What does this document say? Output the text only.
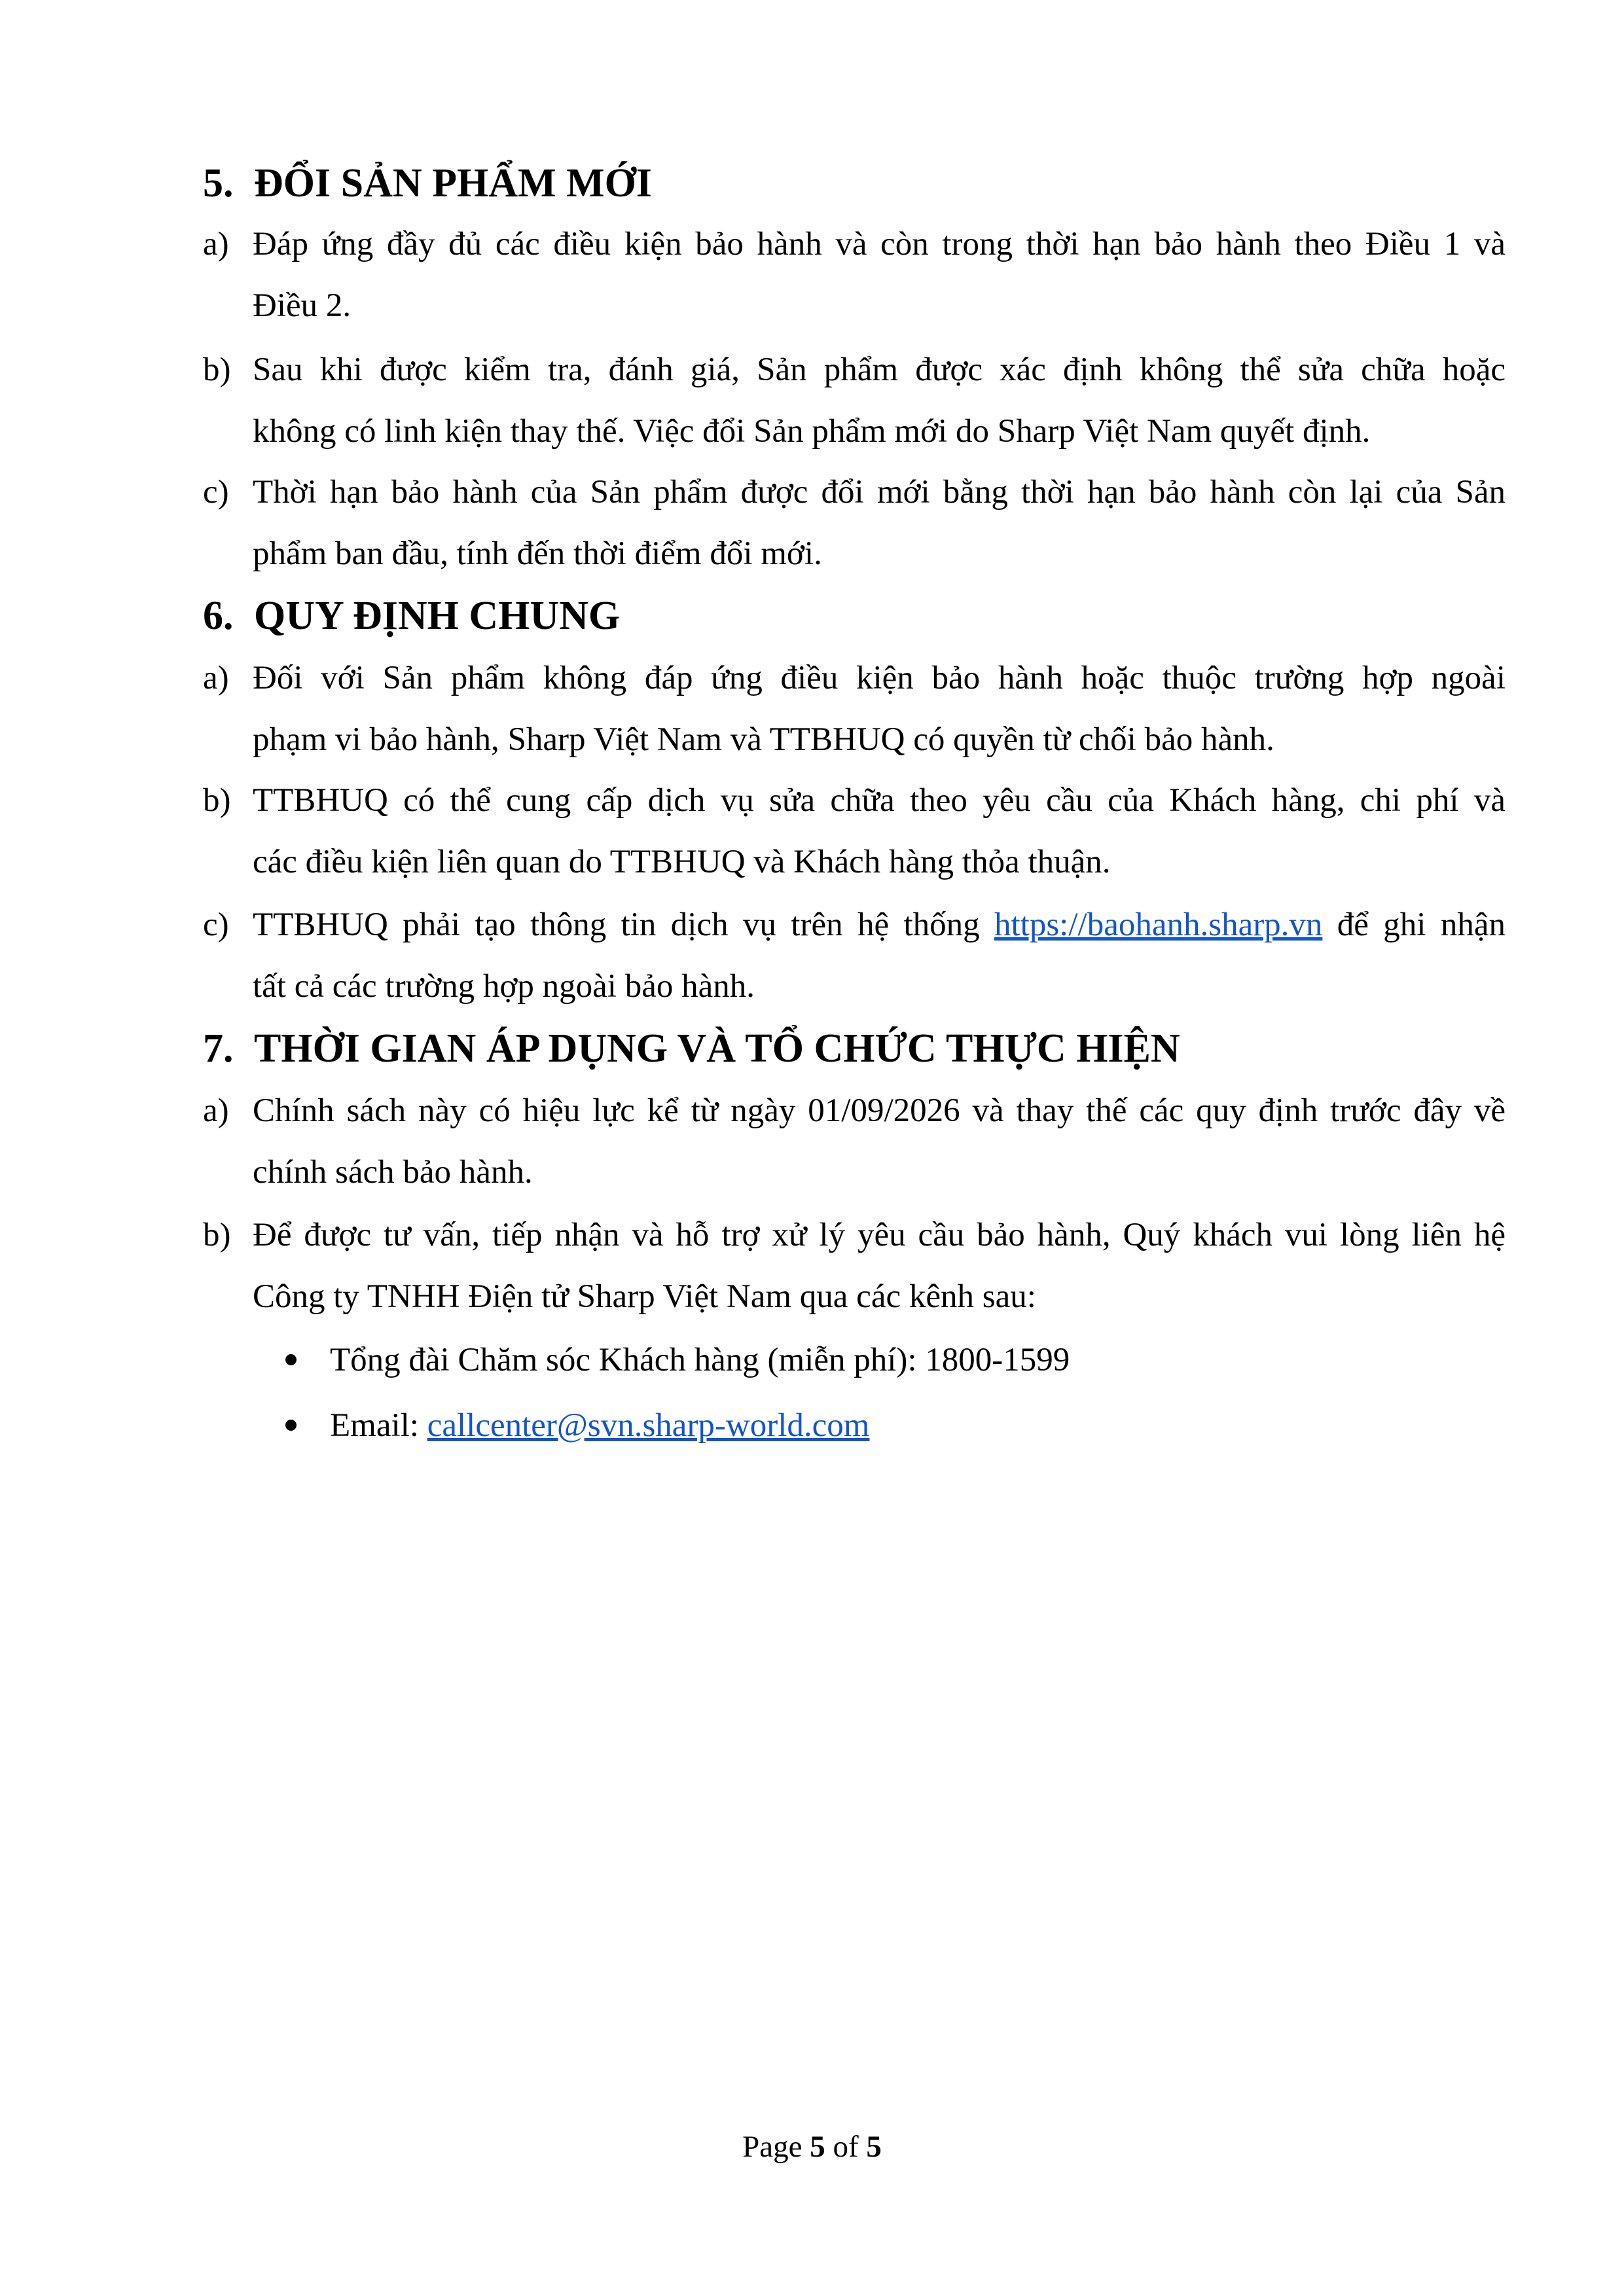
5. ĐỔI SẢN PHẨM MỚI
a) Đáp ứng đầy đủ các điều kiện bảo hành và còn trong thời hạn bảo hành theo Điều 1 và
Điều 2.
b) Sau khi được kiểm tra, đánh giá, Sản phẩm được xác định không thể sửa chữa hoặc
không có linh kiện thay thế. Việc đổi Sản phẩm mới do Sharp Việt Nam quyết định.
c) Thời hạn bảo hành của Sản phẩm được đổi mới bằng thời hạn bảo hành còn lại của Sản
phẩm ban đầu, tính đến thời điểm đổi mới.
6. QUY ĐỊNH CHUNG
a) Đối với Sản phẩm không đáp ứng điều kiện bảo hành hoặc thuộc trường hợp ngoài
phạm vi bảo hành, Sharp Việt Nam và TTBHUQ có quyền từ chối bảo hành.
b) TTBHUQ có thể cung cấp dịch vụ sửa chữa theo yêu cầu của Khách hàng, chi phí và
các điều kiện liên quan do TTBHUQ và Khách hàng thỏa thuận.
c) TTBHUQ phải tạo thông tin dịch vụ trên hệ thống https://baohanh.sharp.vn để ghi nhận
tất cả các trường hợp ngoài bảo hành.
7. THỜI GIAN ÁP DỤNG VÀ TỔ CHỨC THỰC HIỆN
a) Chính sách này có hiệu lực kể từ ngày 01/09/2026 và thay thế các quy định trước đây về
chính sách bảo hành.
b) Để được tư vấn, tiếp nhận và hỗ trợ xử lý yêu cầu bảo hành, Quý khách vui lòng liên hệ
Công ty TNHH Điện tử Sharp Việt Nam qua các kênh sau:
Tổng đài Chăm sóc Khách hàng (miễn phí): 1800-1599
Email: callcenter@svn.sharp-world.com
Page 5 of 5
